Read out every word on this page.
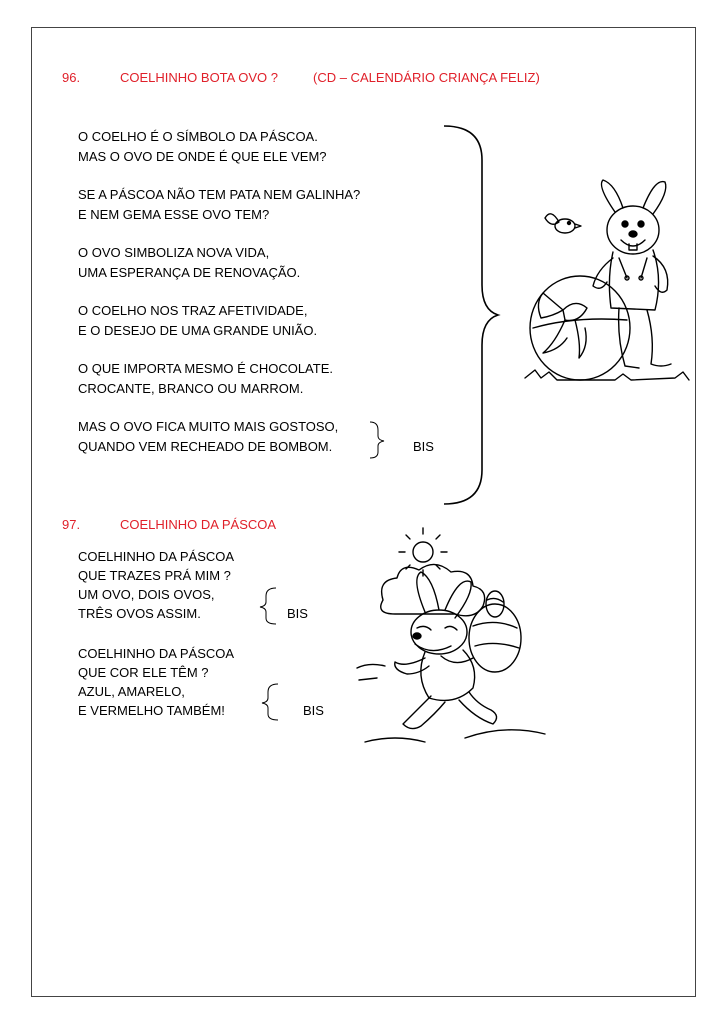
96.	COELHINHO BOTA OVO ?	(CD – CALENDÁRIO CRIANÇA FELIZ)
O COELHO É O SÍMBOLO DA PÁSCOA.
MAS O OVO DE ONDE É QUE ELE VEM?
SE A PÁSCOA NÃO TEM PATA NEM GALINHA?
E NEM GEMA ESSE OVO TEM?
O OVO SIMBOLIZA NOVA VIDA,
UMA ESPERANÇA DE RENOVAÇÃO.
O COELHO NOS TRAZ AFETIVIDADE,
E O DESEJO DE UMA GRANDE UNIÃO.
O QUE IMPORTA MESMO É CHOCOLATE.
CROCANTE, BRANCO OU MARROM.
MAS O OVO FICA MUITO MAIS GOSTOSO,
QUANDO VEM RECHEADO DE BOMBOM.	BIS
97.	COELHINHO DA PÁSCOA
COELHINHO DA PÁSCOA
QUE TRAZES PRÁ MIM ?
UM OVO, DOIS OVOS,
TRÊS OVOS ASSIM.	BIS
COELHINHO DA PÁSCOA
QUE COR ELE TÊM ?
AZUL, AMARELO,
E VERMELHO TAMBÉM!	BIS
